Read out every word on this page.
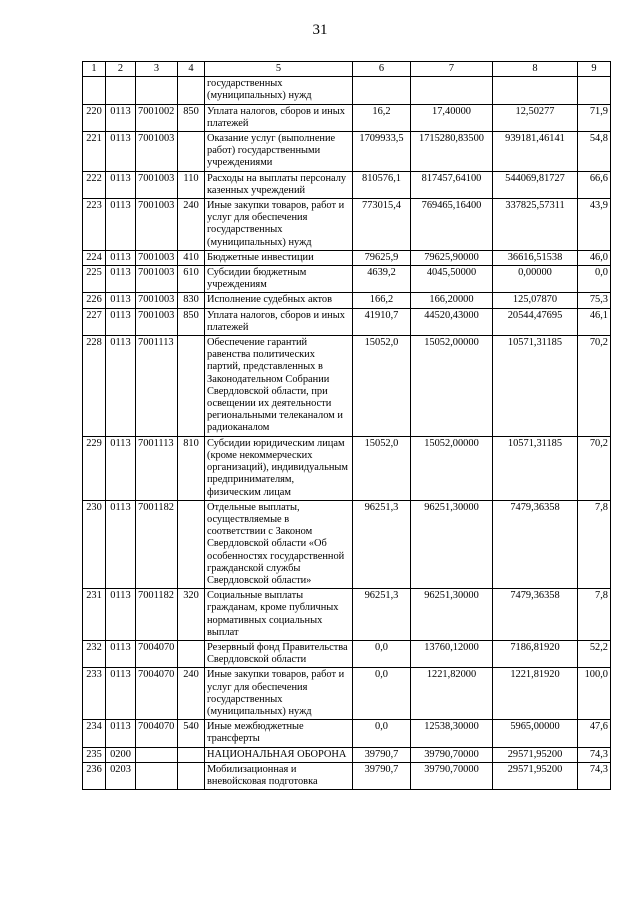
31
1	2	3	4	5	6	7	8	9
				государственных (муниципальных) нужд				
220	0113	7001002	850	Уплата налогов, сборов и иных платежей	16,2	17,40000	12,50277	71,9
221	0113	7001003		Оказание услуг (выполнение работ) государственными учреждениями	1709933,5	1715280,83500	939181,46141	54,8
222	0113	7001003	110	Расходы на выплаты персоналу казенных учреждений	810576,1	817457,64100	544069,81727	66,6
223	0113	7001003	240	Иные закупки товаров, работ и услуг для обеспечения государственных (муниципальных) нужд	773015,4	769465,16400	337825,57311	43,9
224	0113	7001003	410	Бюджетные инвестиции	79625,9	79625,90000	36616,51538	46,0
225	0113	7001003	610	Субсидии бюджетным учреждениям	4639,2	4045,50000	0,00000	0,0
226	0113	7001003	830	Исполнение судебных актов	166,2	166,20000	125,07870	75,3
227	0113	7001003	850	Уплата налогов, сборов и иных платежей	41910,7	44520,43000	20544,47695	46,1
228	0113	7001113		Обеспечение гарантий равенства политических партий, представленных в Законодательном Собрании Свердловской области, при освещении их деятельности региональными телеканалом и радиоканалом	15052,0	15052,00000	10571,31185	70,2
229	0113	7001113	810	Субсидии юридическим лицам (кроме некоммерческих организаций), индивидуальным предпринимателям, физическим лицам	15052,0	15052,00000	10571,31185	70,2
230	0113	7001182		Отдельные выплаты, осуществляемые в соответствии с Законом Свердловской области «Об особенностях государственной гражданской службы Свердловской области»	96251,3	96251,30000	7479,36358	7,8
231	0113	7001182	320	Социальные выплаты гражданам, кроме публичных нормативных социальных выплат	96251,3	96251,30000	7479,36358	7,8
232	0113	7004070		Резервный фонд Правительства Свердловской области	0,0	13760,12000	7186,81920	52,2
233	0113	7004070	240	Иные закупки товаров, работ и услуг для обеспечения государственных (муниципальных) нужд	0,0	1221,82000	1221,81920	100,0
234	0113	7004070	540	Иные межбюджетные трансферты	0,0	12538,30000	5965,00000	47,6
235	0200			НАЦИОНАЛЬНАЯ ОБОРОНА	39790,7	39790,70000	29571,95200	74,3
236	0203			Мобилизационная и вневойсковая подготовка	39790,7	39790,70000	29571,95200	74,3
